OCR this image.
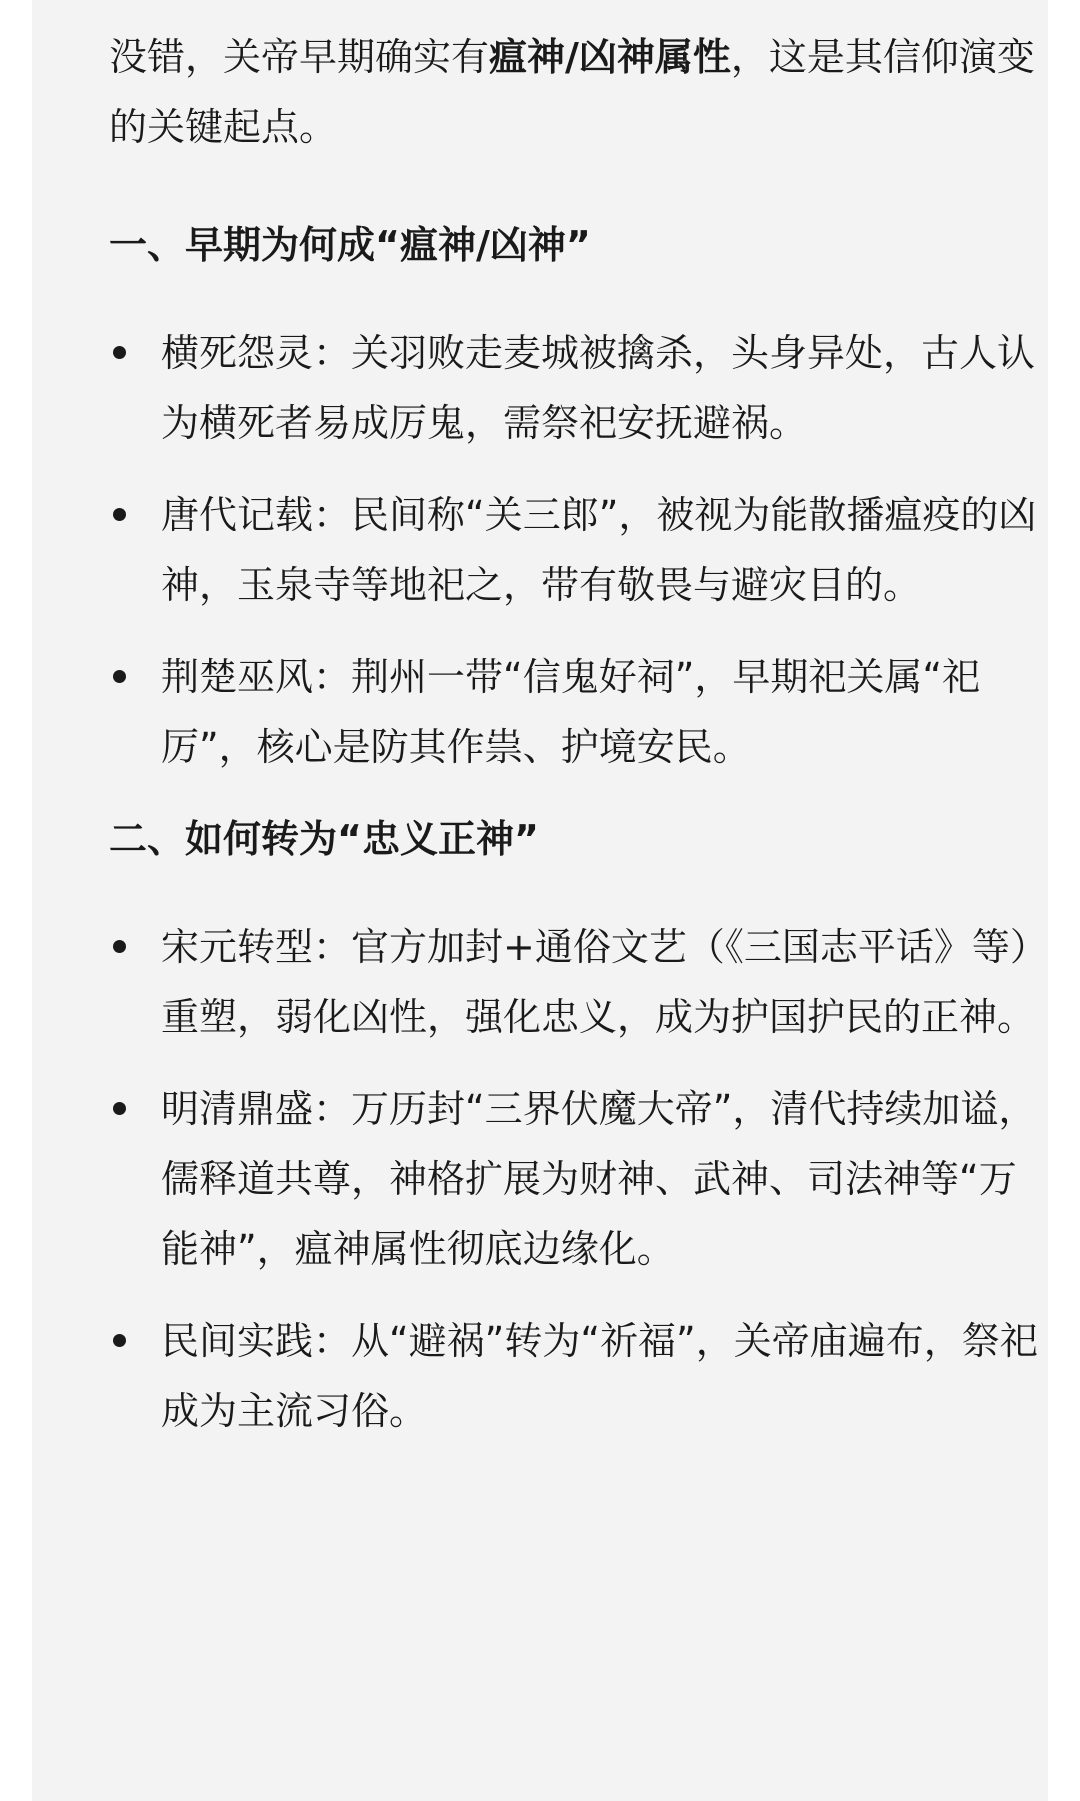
没错，关帝早期确实有瘟神/凶神属性，这是其信仰演变的关键起点。

一、早期为何成“瘟神/凶神”

横死怨灵：关羽败走麦城被擒杀，头身异处，古人认为横死者易成厉鬼，需祭祀安抚避祸。
唐代记载：民间称“关三郎”，被视为能散播瘟疫的凶神，玉泉寺等地祀之，带有敬畏与避灾目的。
荆楚巫风：荆州一带“信鬼好祠”，早期祀关属“祀厉”，核心是防其作祟、护境安民。

二、如何转为“忠义正神”

宋元转型：官方加封+通俗文艺（《三国志平话》等）重塑，弱化凶性，强化忠义，成为护国护民的正神。
明清鼎盛：万历封“三界伏魔大帝”，清代持续加谥，儒释道共尊，神格扩展为财神、武神、司法神等“万能神”，瘟神属性彻底边缘化。
民间实践：从“避祸”转为“祈福”，关帝庙遍布，祭祀成为主流习俗。
